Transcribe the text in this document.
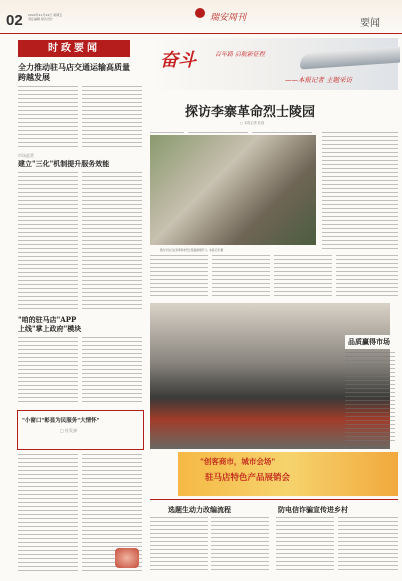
02 2024年11月22日 星期五
责任编辑 版式设计	瑞安周刊	要闻
时政要闻
全力推动驻马店交通运输高质量跨越发展
市场监管
建立"三化"机制提升服务效能
"咱的驻马店"APP
上线"掌上政府"模块
"小窗口"彰显为民服务"大情怀"
□ 杜发洲
奋斗	百年路 启航新征程
——本报记者 主题采访
探访李寨革命烈士陵园
□ 本报记者 杜琼
图为学生们在李寨革命烈士陵园参观学习。本报记者 摄
品质赢得市场
工人在生产车间作业
"创客商市，城市会场"
驻马店特色产品展销会
选题生动力改编流程	防电信诈骗宣传进乡村
